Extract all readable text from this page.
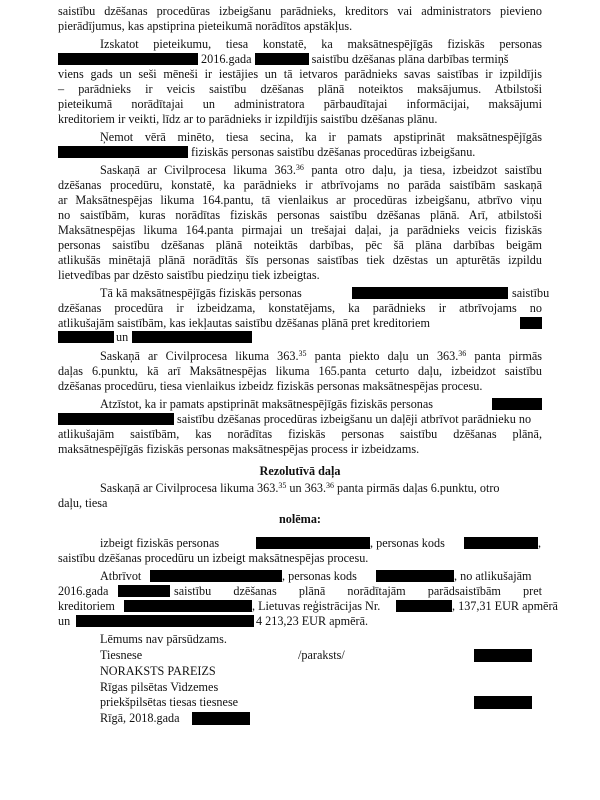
saistību dzēšanas procedūras izbeigšanu parādnieks, kreditors vai administrators pievieno
pierādījumus, kas apstiprina pieteikumā norādītos apstākļus.
Izskatot pieteikumu, tiesa konstatē, ka maksātnespējīgās fiziskās personas
2016.gada	saistību dzēšanas plāna darbības termiņš
viens gads un seši mēneši ir iestājies un tā ietvaros parādnieks savas saistības ir izpildījis
– parādnieks ir veicis saistību dzēšanas plānā noteiktos maksājumus. Atbilstoši
pieteikumā norādītajai un administratora pārbaudītajai informācijai, maksājumi
kreditoriem ir veikti, līdz ar to parādnieks ir izpildījis saistību dzēšanas plānu.
Ņemot vērā minēto, tiesa secina, ka ir pamats apstiprināt maksātnespējīgās
fiziskās personas saistību dzēšanas procedūras izbeigšanu.
Saskaņā ar Civilprocesa likuma 363.36 panta otro daļu, ja tiesa, izbeidzot saistību
dzēšanas procedūru, konstatē, ka parādnieks ir atbrīvojams no parāda saistībām saskaņā
ar Maksātnespējas likuma 164.pantu, tā vienlaikus ar procedūras izbeigšanu, atbrīvo viņu
no saistībām, kuras norādītas fiziskās personas saistību dzēšanas plānā. Arī, atbilstoši
Maksātnespējas likuma 164.panta pirmajai un trešajai daļai, ja parādnieks veicis fiziskās
personas saistību dzēšanas plānā noteiktās darbības, pēc šā plāna darbības beigām
atlikušās minētajā plānā norādītās šīs personas saistības tiek dzēstas un apturētās izpildu
lietvedības par dzēsto saistību piedziņu tiek izbeigtas.
Tā kā maksātnespējīgās fiziskās personas	saistību
dzēšanas procedūra ir izbeidzama, konstatējams, ka parādnieks ir atbrīvojams no
atlikušajām saistībām, kas iekļautas saistību dzēšanas plānā pret kreditoriem
un
Saskaņā ar Civilprocesa likuma 363.35 panta piekto daļu un 363.36 panta pirmās
daļas 6.punktu, kā arī Maksātnespējas likuma 165.panta ceturto daļu, izbeidzot saistību
dzēšanas procedūru, tiesa vienlaikus izbeidz fiziskās personas maksātnespējas procesu.
Atzīstot, ka ir pamats apstiprināt maksātnespējīgās fiziskās personas
saistību dzēšanas procedūras izbeigšanu un daļēji atbrīvot parādnieku no
atlikušajām saistībām, kas norādītas fiziskās personas saistību dzēšanas plānā,
maksātnespējīgās fiziskās personas maksātnespējas process ir izbeidzams.
Rezolutīvā daļa
Saskaņā ar Civilprocesa likuma 363.35 un 363.36 panta pirmās daļas 6.punktu, otro
daļu, tiesa
nolēma:
izbeigt fiziskās personas	, personas kods	,
saistību dzēšanas procedūru un izbeigt maksātnespējas procesu.
Atbrīvot	, personas kods	, no atlikušajām
2016.gada	saistību dzēšanas plānā norādītajām parādsaistībām pret
kreditoriem	, Lietuvas reģistrācijas Nr.	, 137,31 EUR apmērā
un	4 213,23 EUR apmērā.
Lēmums nav pārsūdzams.
Tiesnese	/paraksts/
NORAKSTS PAREIZS
Rīgas pilsētas Vidzemes
priekšpilsētas tiesas tiesnese
Rīgā, 2018.gada
